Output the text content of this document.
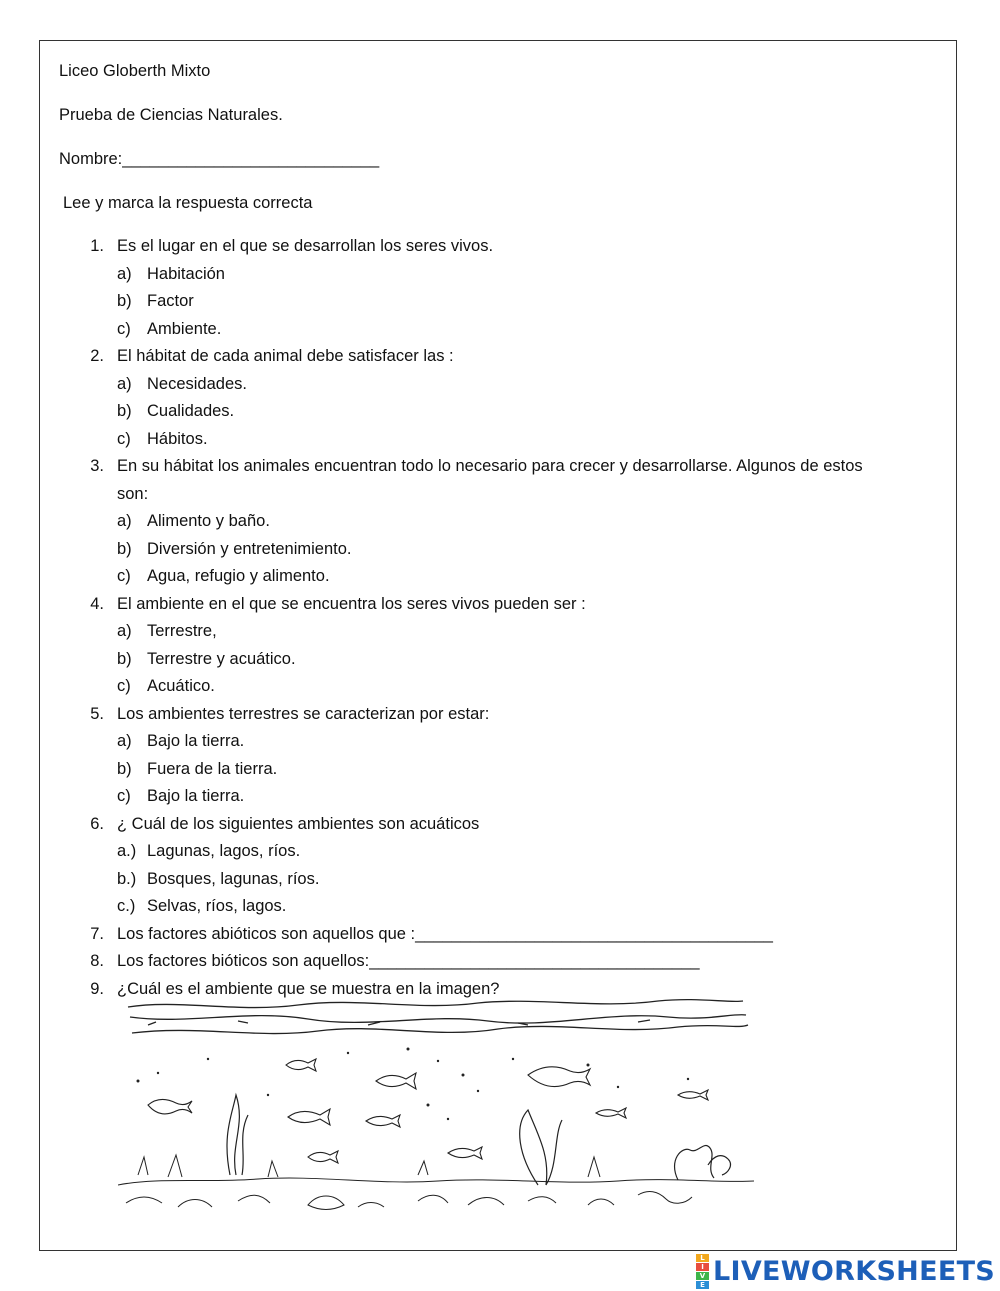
Liceo Globerth Mixto
Prueba de Ciencias Naturales.
Nombre:____________________________
Lee y marca la respuesta correcta
1. Es el lugar en el que se desarrollan los seres vivos.
a) Habitación
b) Factor
c) Ambiente.
2. El hábitat de cada animal debe satisfacer las :
a) Necesidades.
b) Cualidades.
c) Hábitos.
3. En su hábitat los animales encuentran todo lo necesario para crecer y desarrollarse. Algunos de estos
son:
a) Alimento y baño.
b) Diversión y entretenimiento.
c) Agua, refugio y alimento.
4. El ambiente en el que se encuentra los seres vivos pueden ser :
a) Terrestre,
b) Terrestre y acuático.
c) Acuático.
5. Los ambientes terrestres se caracterizan por estar:
a) Bajo la tierra.
b) Fuera de la tierra.
c) Bajo la tierra.
6. ¿ Cuál de los siguientes ambientes son acuáticos
a.) Lagunas, lagos, ríos.
b.) Bosques, lagunas, ríos.
c.) Selvas, ríos, lagos.
7. Los factores abióticos son aquellos que :_______________________________________
8. Los factores bióticos son aquellos:____________________________________
9. ¿Cuál es el ambiente que se muestra en la imagen?
L
I
V
E LIVEWORKSHEETS
